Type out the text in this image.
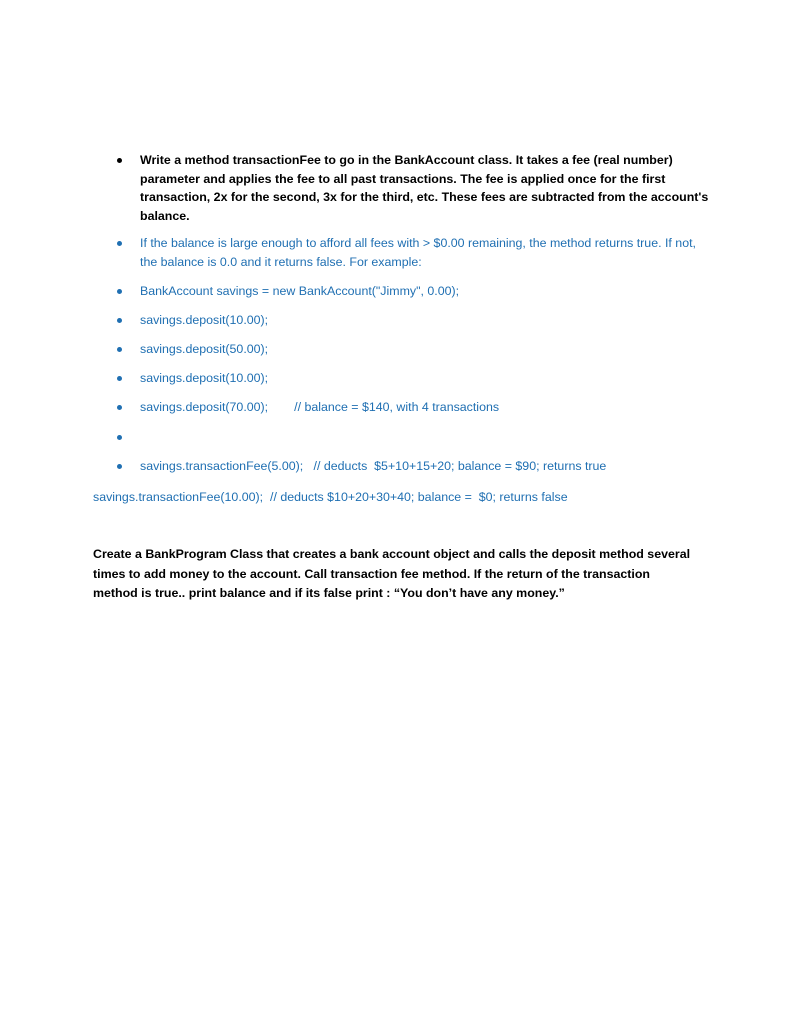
Write a method transactionFee to go in the BankAccount class. It takes a fee (real number) parameter and applies the fee to all past transactions. The fee is applied once for the first transaction, 2x for the second, 3x for the third, etc. These fees are subtracted from the account's balance.
If the balance is large enough to afford all fees with > $0.00 remaining, the method returns true. If not, the balance is 0.0 and it returns false. For example:
BankAccount savings = new BankAccount("Jimmy", 0.00);
savings.deposit(10.00);
savings.deposit(50.00);
savings.deposit(10.00);
savings.deposit(70.00); // balance = $140, with 4 transactions
savings.transactionFee(5.00);   // deducts  $5+10+15+20; balance = $90; returns true
savings.transactionFee(10.00);  // deducts $10+20+30+40; balance =  $0; returns false

Create a BankProgram Class that creates a bank account object and calls the deposit method several times to add money to the account. Call transaction fee method. If the return of the transaction method is true.. print balance and if its false print : “You don’t have any money.”
